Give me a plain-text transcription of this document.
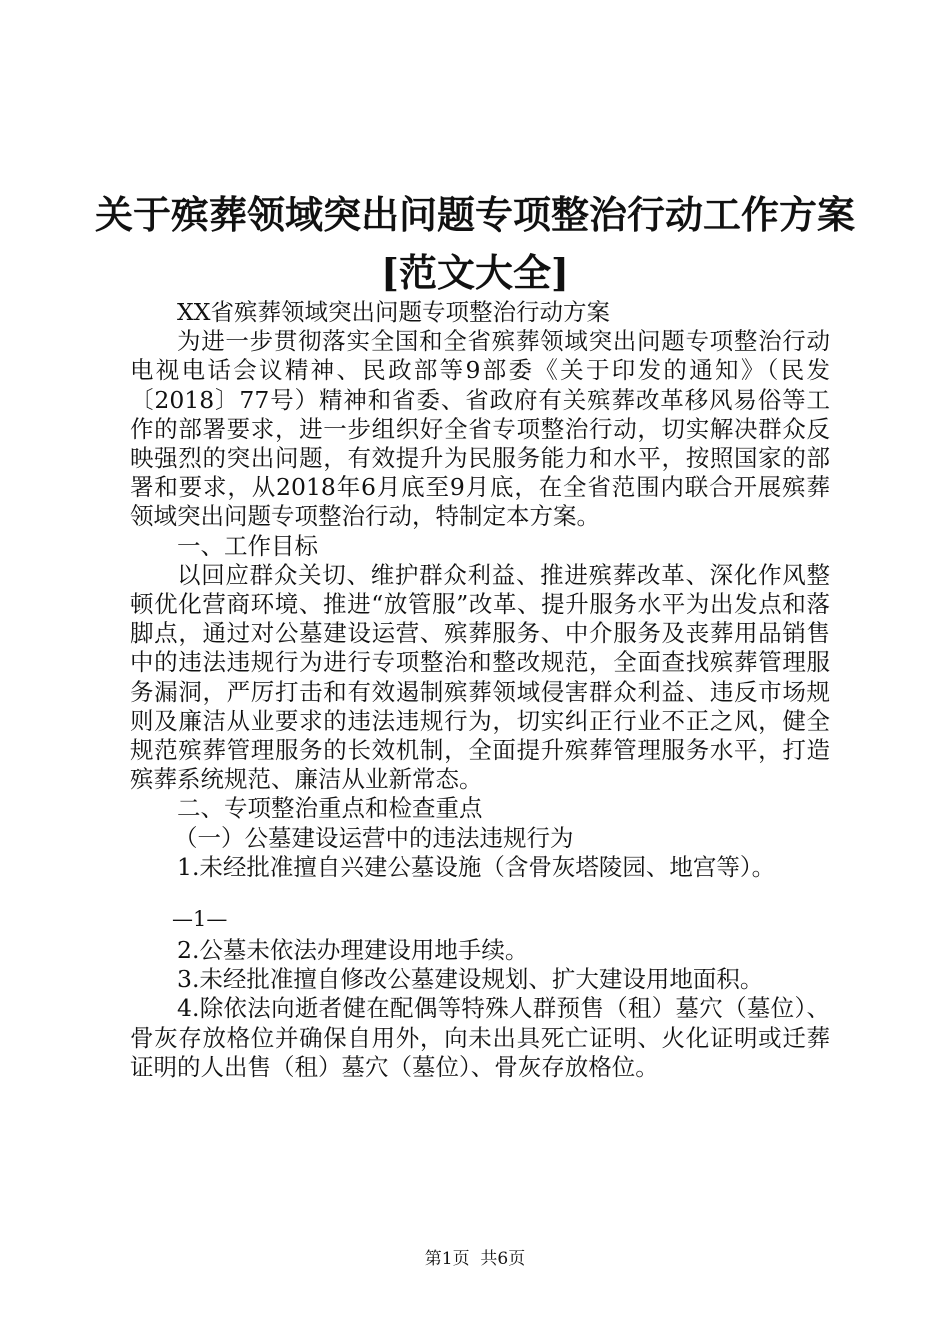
关于殡葬领域突出问题专项整治行动工作方案
[范文大全]

XX省殡葬领域突出问题专项整治行动方案

为进一步贯彻落实全国和全省殡葬领域突出问题专项整治行动电视电话会议精神、民政部等9部委《关于印发的通知》（民发〔2018〕77号）精神和省委、省政府有关殡葬改革移风易俗等工作的部署要求，进一步组织好全省专项整治行动，切实解决群众反映强烈的突出问题，有效提升为民服务能力和水平，按照国家的部署和要求，从2018年6月底至9月底，在全省范围内联合开展殡葬领域突出问题专项整治行动，特制定本方案。

一、工作目标

以回应群众关切、维护群众利益、推进殡葬改革、深化作风整顿优化营商环境、推进“放管服”改革、提升服务水平为出发点和落脚点，通过对公墓建设运营、殡葬服务、中介服务及丧葬用品销售中的违法违规行为进行专项整治和整改规范，全面查找殡葬管理服务漏洞，严厉打击和有效遏制殡葬领域侵害群众利益、违反市场规则及廉洁从业要求的违法违规行为，切实纠正行业不正之风，健全规范殡葬管理服务的长效机制，全面提升殡葬管理服务水平，打造殡葬系统规范、廉洁从业新常态。

二、专项整治重点和检查重点

（一）公墓建设运营中的违法违规行为

1.未经批准擅自兴建公墓设施（含骨灰塔陵园、地宫等）。

—1—

2.公墓未依法办理建设用地手续。

3.未经批准擅自修改公墓建设规划、扩大建设用地面积。

4.除依法向逝者健在配偶等特殊人群预售（租）墓穴（墓位）、骨灰存放格位并确保自用外，向未出具死亡证明、火化证明或迁葬证明的人出售（租）墓穴（墓位）、骨灰存放格位。

第1页  共6页
